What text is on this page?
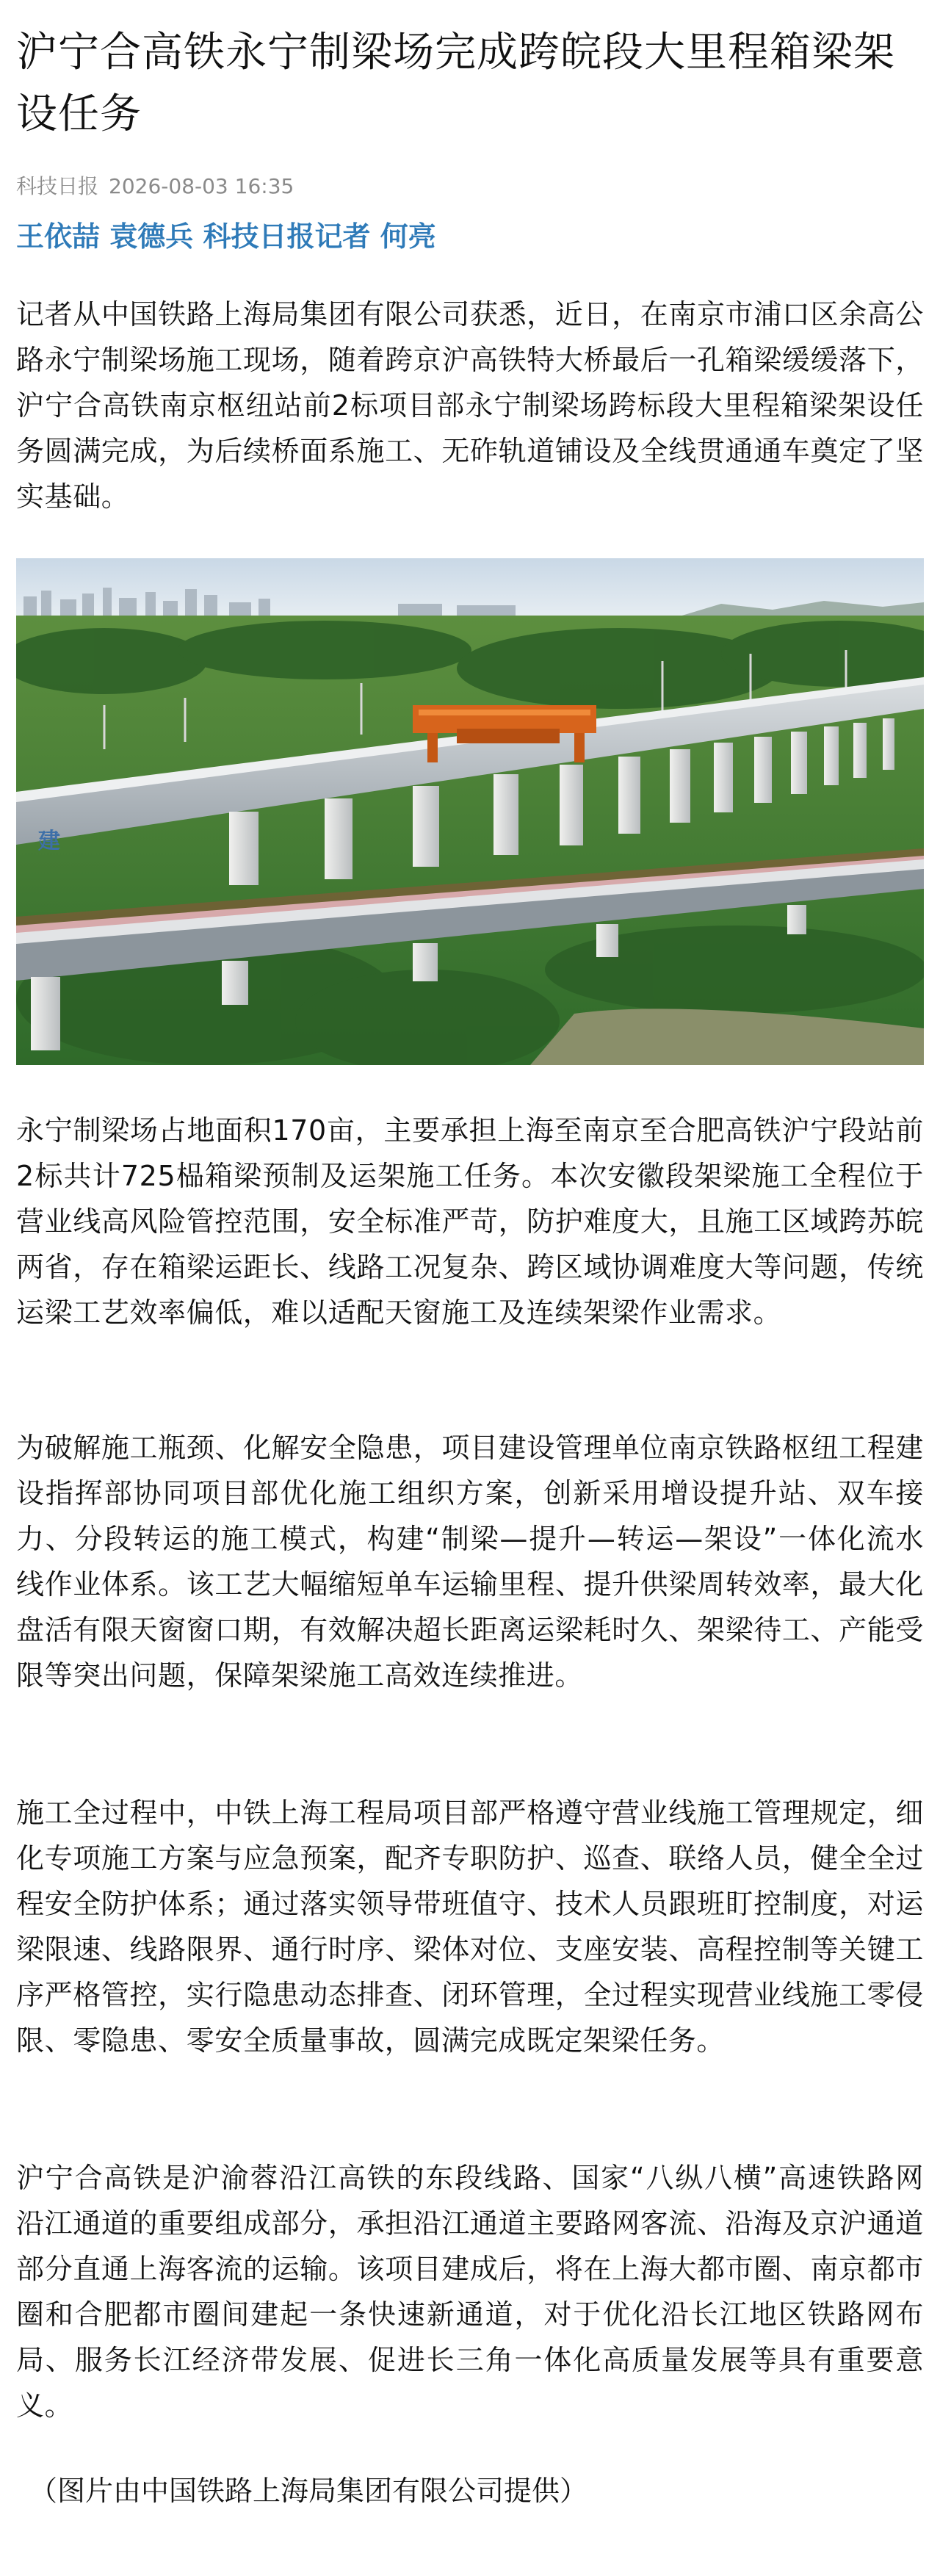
沪宁合高铁永宁制梁场完成跨皖段大里程箱梁架设任务
科技日报 2026-08-03 16:35
王依喆 袁德兵 科技日报记者 何亮

记者从中国铁路上海局集团有限公司获悉，近日，在南京市浦口区余高公路永宁制梁场施工现场，随着跨京沪高铁特大桥最后一孔箱梁缓缓落下，沪宁合高铁南京枢纽站前2标项目部永宁制梁场跨标段大里程箱梁架设任务圆满完成，为后续桥面系施工、无砟轨道铺设及全线贯通通车奠定了坚实基础。

建

永宁制梁场占地面积170亩，主要承担上海至南京至合肥高铁沪宁段站前2标共计725榀箱梁预制及运架施工任务。本次安徽段架梁施工全程位于营业线高风险管控范围，安全标准严苛，防护难度大，且施工区域跨苏皖两省，存在箱梁运距长、线路工况复杂、跨区域协调难度大等问题，传统运梁工艺效率偏低，难以适配天窗施工及连续架梁作业需求。

为破解施工瓶颈、化解安全隐患，项目建设管理单位南京铁路枢纽工程建设指挥部协同项目部优化施工组织方案，创新采用增设提升站、双车接力、分段转运的施工模式，构建“制梁—提升—转运—架设”一体化流水线作业体系。该工艺大幅缩短单车运输里程、提升供梁周转效率，最大化盘活有限天窗窗口期，有效解决超长距离运梁耗时久、架梁待工、产能受限等突出问题，保障架梁施工高效连续推进。

施工全过程中，中铁上海工程局项目部严格遵守营业线施工管理规定，细化专项施工方案与应急预案，配齐专职防护、巡查、联络人员，健全全过程安全防护体系；通过落实领导带班值守、技术人员跟班盯控制度，对运梁限速、线路限界、通行时序、梁体对位、支座安装、高程控制等关键工序严格管控，实行隐患动态排查、闭环管理，全过程实现营业线施工零侵限、零隐患、零安全质量事故，圆满完成既定架梁任务。

沪宁合高铁是沪渝蓉沿江高铁的东段线路、国家“八纵八横”高速铁路网沿江通道的重要组成部分，承担沿江通道主要路网客流、沿海及京沪通道部分直通上海客流的运输。该项目建成后，将在上海大都市圈、南京都市圈和合肥都市圈间建起一条快速新通道，对于优化沿长江地区铁路网布局、服务长江经济带发展、促进长三角一体化高质量发展等具有重要意义。

（图片由中国铁路上海局集团有限公司提供）
